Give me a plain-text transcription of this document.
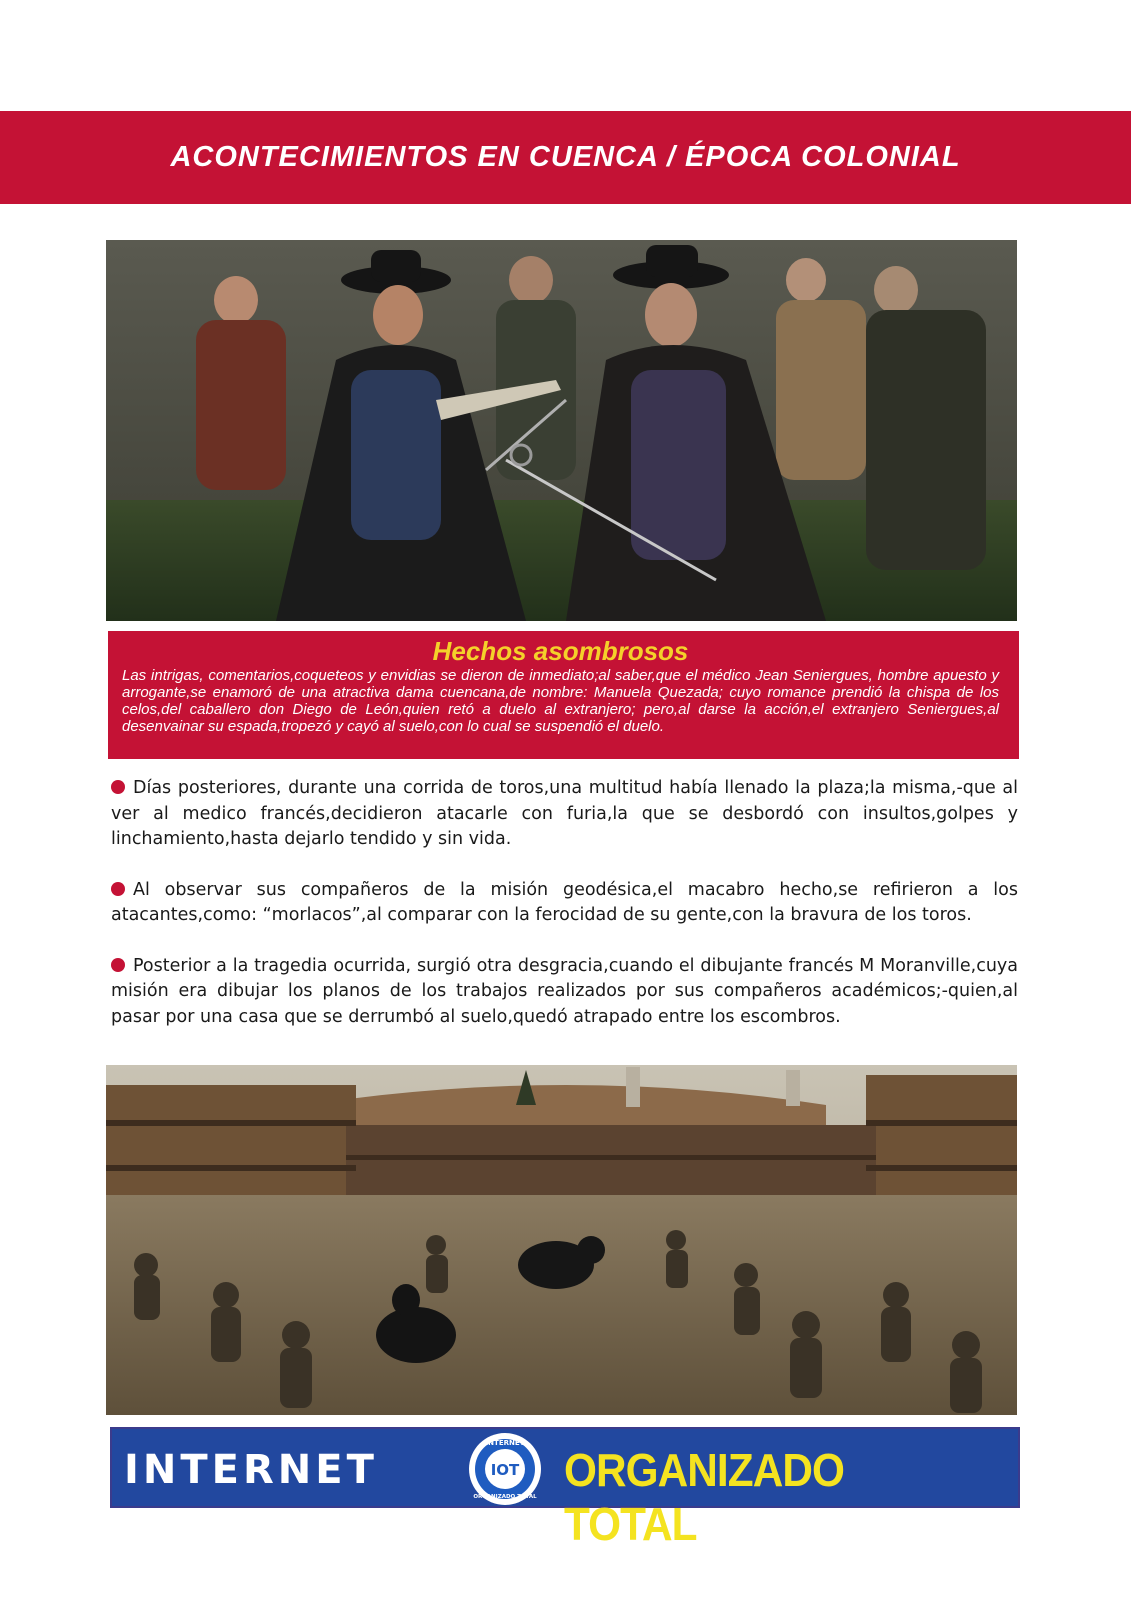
ACONTECIMIENTOS EN CUENCA / ÉPOCA COLONIAL
Hechos asombrosos

Las intrigas, comentarios,coqueteos y envidias se dieron de inmediato;al saber,que el médico Jean Seniergues, hombre apuesto y arrogante,se enamoró de una atractiva dama cuencana,de nombre: Manuela Quezada; cuyo romance prendió la chispa de los celos,del caballero don Diego de León,quien retó a duelo al extranjero; pero,al darse la acción,el extranjero Seniergues,al desenvainar su espada,tropezó y cayó al suelo,con lo cual se suspendió el duelo.

Días posteriores, durante una corrida de toros,una multitud había llenado la plaza;la misma,-que al ver al medico francés,decidieron atacarle con furia,la que se desbordó con insultos,golpes y linchamiento,hasta dejarlo tendido y sin vida.

Al observar sus compañeros de la misión geodésica,el macabro hecho,se refirieron a los atacantes,como: “morlacos”,al comparar con la ferocidad de su gente,con la bravura de los toros.

Posterior a la tragedia ocurrida, surgió otra desgracia,cuando el dibujante francés M Moranville,cuya misión era dibujar los planos de los trabajos realizados por sus compañeros académicos;-quien,al pasar por una casa que se derrumbó al suelo,quedó atrapado entre los escombros.

INTERNET
INTERNET
IOT
ORGANIZADO TOTAL
ORGANIZADO TOTAL
